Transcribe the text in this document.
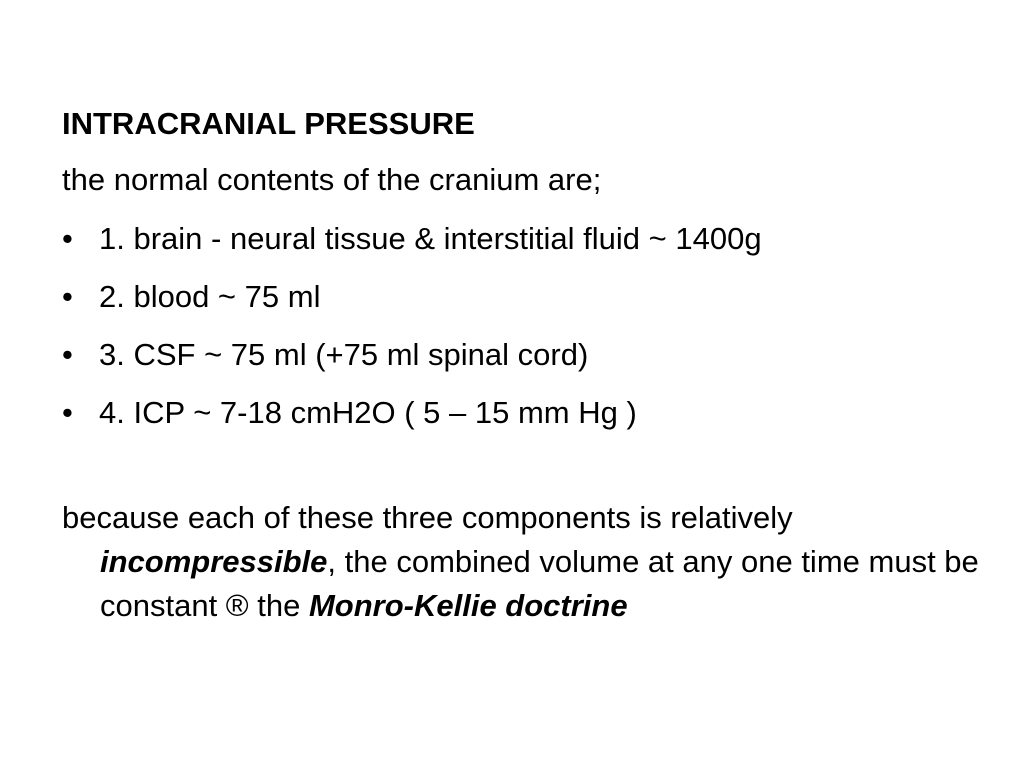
INTRACRANIAL PRESSURE
the normal contents of the cranium are;
• 1. brain - neural tissue & interstitial fluid ~ 1400g
• 2. blood ~ 75 ml
• 3. CSF ~ 75 ml (+75 ml spinal cord)
• 4. ICP ~ 7-18 cmH2O ( 5 – 15 mm Hg )

because each of these three components is relatively incompressible, the combined volume at any one time must be constant ® the Monro-Kellie doctrine
